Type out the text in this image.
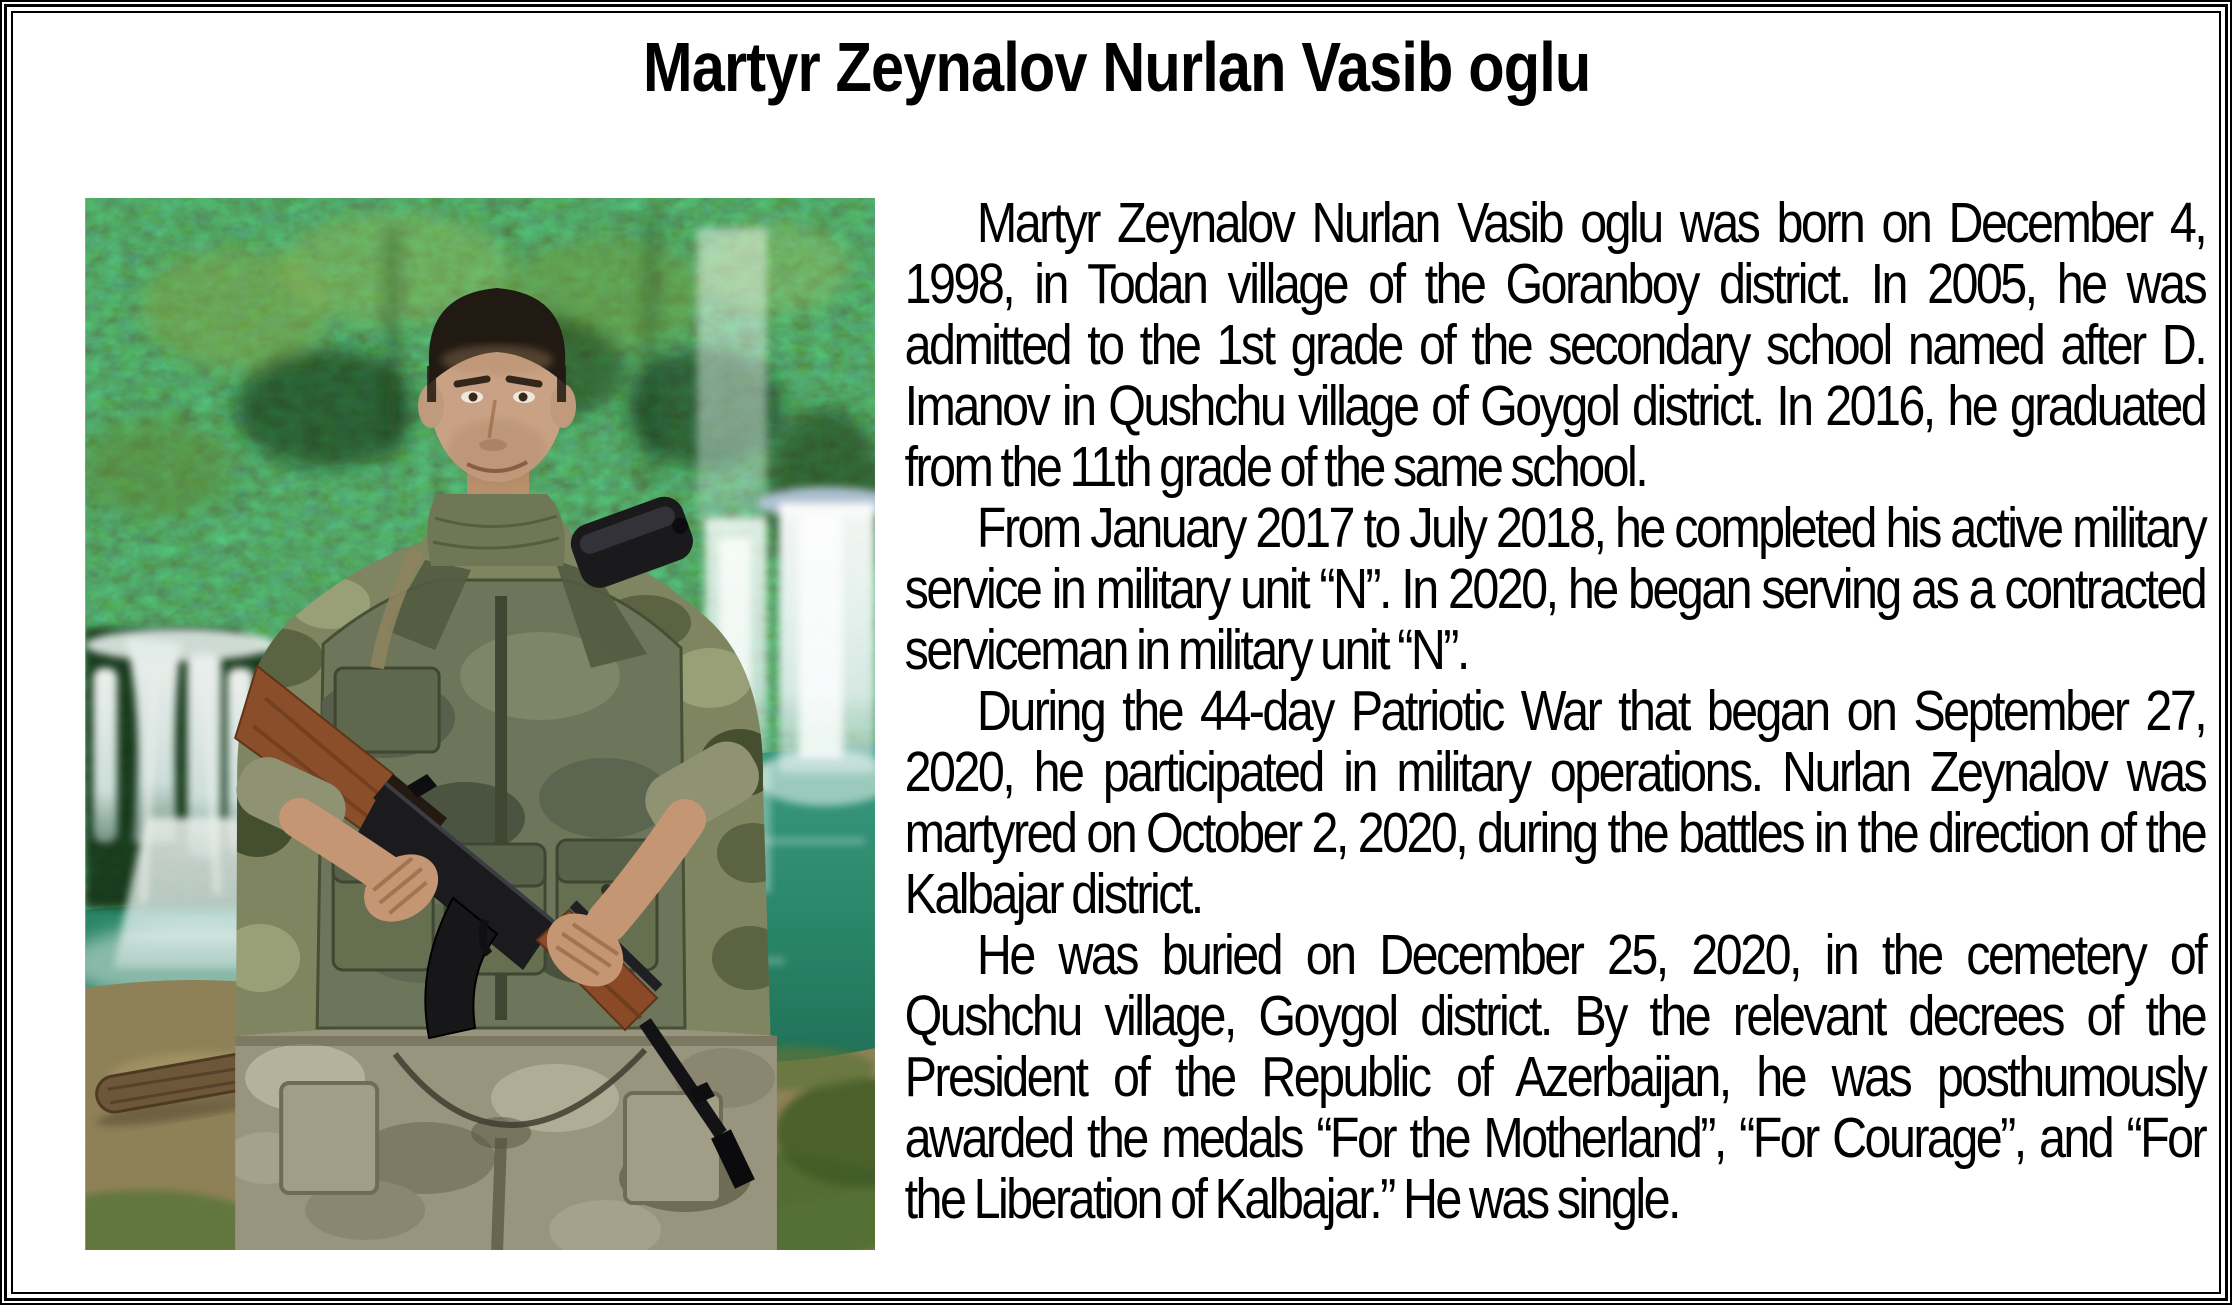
Martyr Zeynalov Nurlan Vasib oglu

Martyr Zeynalov Nurlan Vasib oglu was born on December 4, 1998, in Todan village of the Goranboy district. In 2005, he was admitted to the 1st grade of the secondary school named after D. Imanov in Qushchu village of Goygol district. In 2016, he graduated from the 11th grade of the same school.

From January 2017 to July 2018, he completed his active military service in military unit “N”. In 2020, he began serving as a contracted serviceman in military unit “N”.

During the 44-day Patriotic War that began on September 27, 2020, he participated in military operations. Nurlan Zeynalov was martyred on October 2, 2020, during the battles in the direction of the Kalbajar district.

He was buried on December 25, 2020, in the cemetery of Qushchu village, Goygol district. By the relevant decrees of the President of the Republic of Azerbaijan, he was posthumously awarded the medals “For the Motherland”, “For Courage”, and “For the Liberation of Kalbajar.” He was single.
